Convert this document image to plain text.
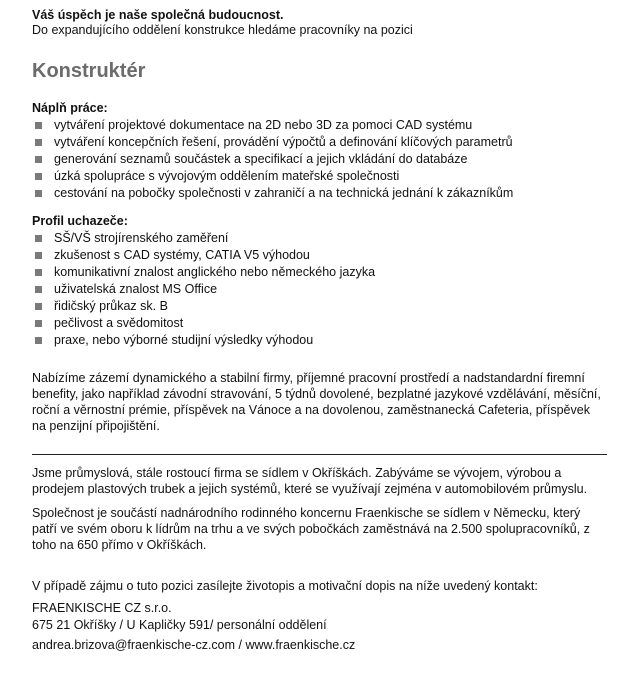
Váš úspěch je naše společná budoucnost.
Do expandujícího oddělení konstrukce hledáme pracovníky na pozici
Konstruktér
Náplň práce:
vytváření projektové dokumentace na 2D nebo 3D za pomoci CAD systému
vytváření koncepčních řešení, provádění výpočtů a definování klíčových parametrů
generování seznamů součástek a specifikací a jejich vkládání do databáze
úzká spolupráce s vývojovým oddělením mateřské společnosti
cestování na pobočky společnosti v zahraničí a na technická jednání k zákazníkům
Profil uchazeče:
SŠ/VŠ strojírenského zaměření
zkušenost s CAD systémy, CATIA V5 výhodou
komunikativní znalost anglického nebo německého jazyka
uživatelská znalost MS Office
řidičský průkaz sk. B
pečlivost a svědomitost
praxe, nebo výborné studijní výsledky výhodou
Nabízíme zázemí dynamického a stabilní firmy, příjemné pracovní prostředí a nadstandardní firemní benefity, jako například závodní stravování, 5 týdnů dovolené, bezplatné jazykové vzdělávání, měsíční, roční a věrnostní prémie, příspěvek na Vánoce a na dovolenou, zaměstnanecká Cafeteria, příspěvek na penzijní připojištění.
Jsme průmyslová, stále rostoucí firma se sídlem v Okříškách. Zabýváme se vývojem, výrobou a prodejem plastových trubek a jejich systémů, které se využívají zejména v automobilovém průmyslu.
Společnost je součástí nadnárodního rodinného koncernu Fraenkische se sídlem v Německu, který patří ve svém oboru k lídrům na trhu a ve svých pobočkách zaměstnává na 2.500 spolupracovníků, z toho na 650 přímo v Okříškách.
V případě zájmu o tuto pozici zasílejte životopis a motivační dopis na níže uvedený kontakt:
FRAENKISCHE CZ s.r.o.
675 21 Okříšky / U Kapličky 591/ personální oddělení
andrea.brizova@fraenkische-cz.com / www.fraenkische.cz
